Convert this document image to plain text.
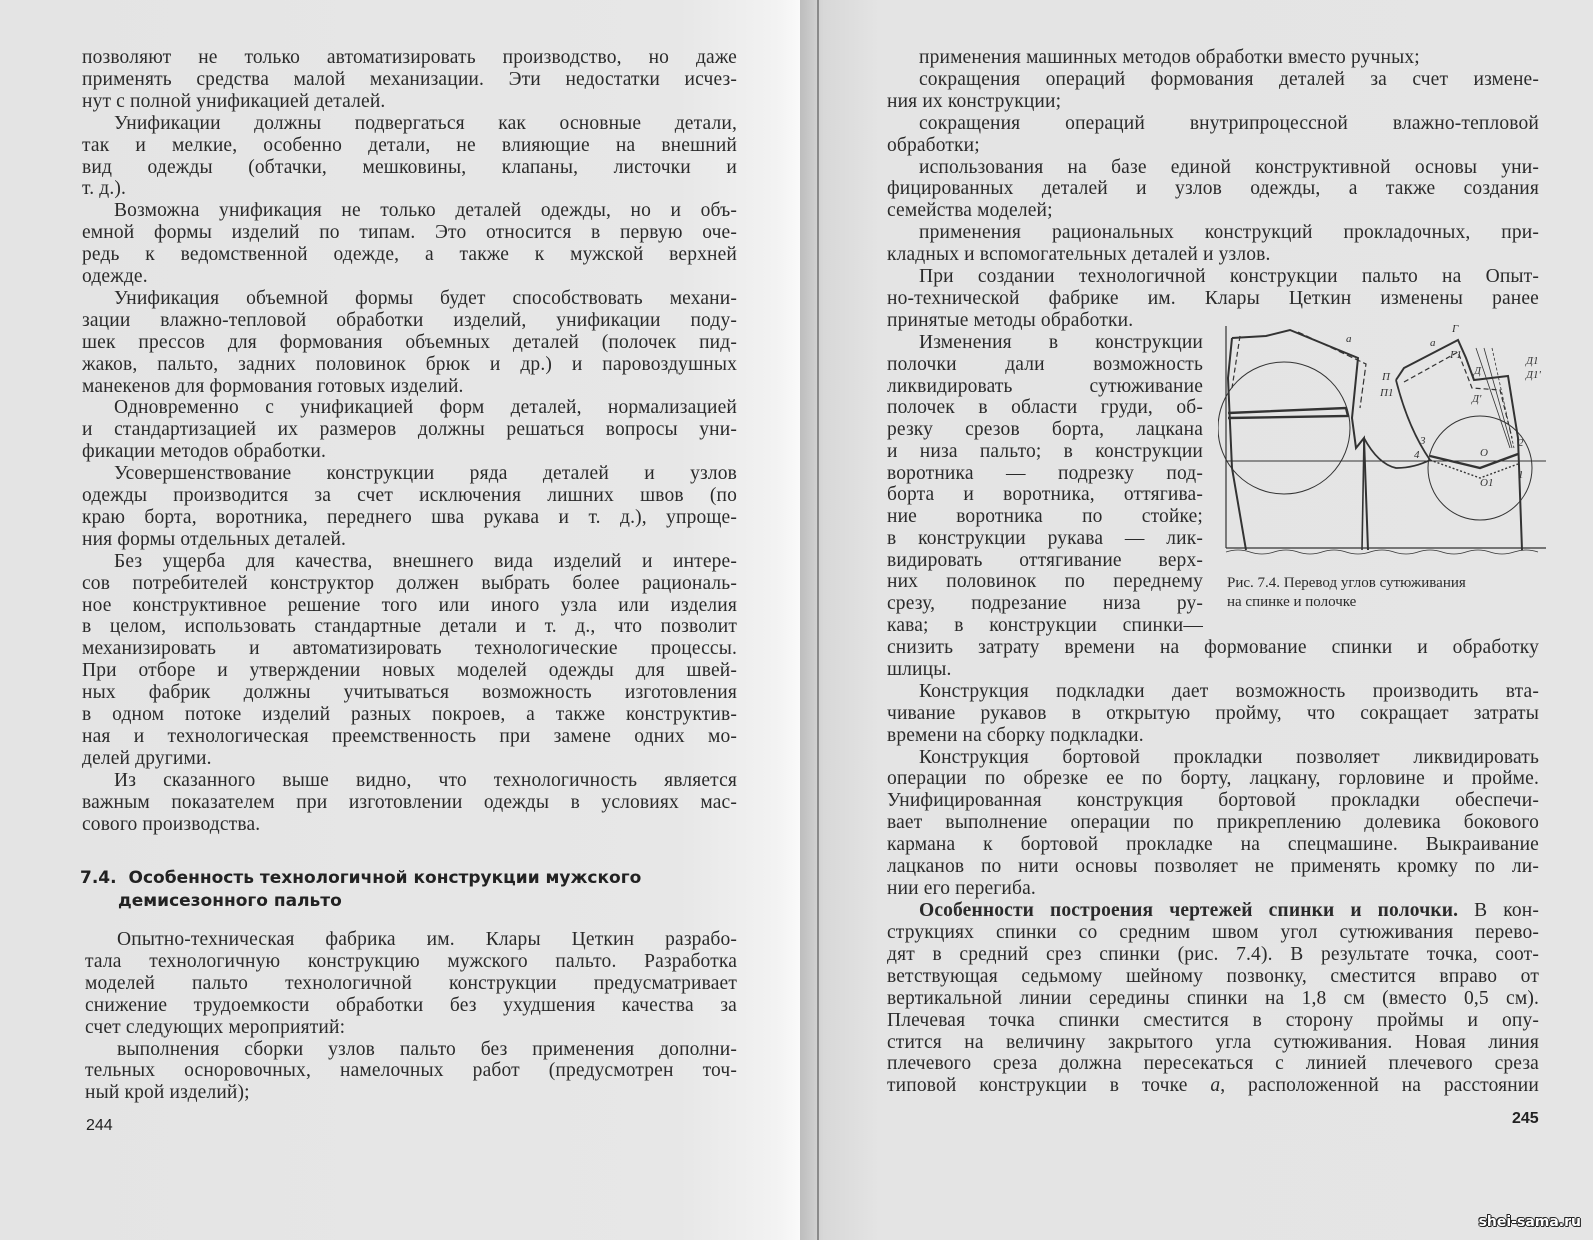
позволяют не только автоматизировать производство, но даже
применять средства малой механизации. Эти недостатки исчез-
нут с полной унификацией деталей.
Унификации должны подвергаться как основные детали,
так и мелкие, особенно детали, не влияющие на внешний
вид одежды (обтачки, мешковины, клапаны, листочки и
т. д.).
Возможна унификация не только деталей одежды, но и объ-
емной формы изделий по типам. Это относится в первую оче-
редь к ведомственной одежде, а также к мужской верхней
одежде.
Унификация объемной формы будет способствовать механи-
зации влажно-тепловой обработки изделий, унификации поду-
шек прессов для формования объемных деталей (полочек пид-
жаков, пальто, задних половинок брюк и др.) и паровоздушных
манекенов для формования готовых изделий.
Одновременно с унификацией форм деталей, нормализацией
и стандартизацией их размеров должны решаться вопросы уни-
фикации методов обработки.
Усовершенствование конструкции ряда деталей и узлов
одежды производится за счет исключения лишних швов (по
краю борта, воротника, переднего шва рукава и т. д.), упроще-
ния формы отдельных деталей.
Без ущерба для качества, внешнего вида изделий и интере-
сов потребителей конструктор должен выбрать более рациональ-
ное конструктивное решение того или иного узла или изделия
в целом, использовать стандартные детали и т. д., что позволит
механизировать и автоматизировать технологические процессы.
При отборе и утверждении новых моделей одежды для швей-
ных фабрик должны учитываться возможность изготовления
в одном потоке изделий разных покроев, а также конструктив-
ная и технологическая преемственность при замене одних мо-
делей другими.
Из сказанного выше видно, что технологичность является
важным показателем при изготовлении одежды в условиях мас-
сового производства.
Опытно-техническая фабрика им. Клары Цеткин разрабо-
тала технологичную конструкцию мужского пальто. Разработка
моделей пальто технологичной конструкции предусматривает
снижение трудоемкости обработки без ухудшения качества за
счет следующих мероприятий:
выполнения сборки узлов пальто без применения дополни-
тельных осноровочных, намелочных работ (предусмотрен точ-
ный крой изделий);
применения машинных методов обработки вместо ручных;
сокращения операций формования деталей за счет измене-
ния их конструкции;
сокращения операций внутрипроцессной влажно-тепловой
обработки;
использования на базе единой конструктивной основы уни-
фицированных деталей и узлов одежды, а также создания
семейства моделей;
применения рациональных конструкций прокладочных, при-
кладных и вспомогательных деталей и узлов.
При создании технологичной конструкции пальто на Опыт-
но-технической фабрике им. Клары Цеткин изменены ранее
принятые методы обработки.
Изменения в конструкции
полочки дали возможность
ликвидировать сутюживание
полочек в области груди, об-
резку срезов борта, лацкана
и низа пальто; в конструкции
воротника — подрезку под-
борта и воротника, оттягива-
ние воротника по стойке;
в конструкции рукава — лик-
видировать оттягивание верх-
них половинок по переднему
срезу, подрезание низа ру-
кава; в конструкции спинки—
снизить затрату времени на формование спинки и обработку
шлицы.
Конструкция подкладки дает возможность производить вта-
чивание рукавов в открытую пройму, что сокращает затраты
времени на сборку подкладки.
Конструкция бортовой прокладки позволяет ликвидировать
операции по обрезке ее по борту, лацкану, горловине и пройме.
Унифицированная конструкция бортовой прокладки обеспечи-
вает выполнение операции по прикреплению долевика бокового
кармана к бортовой прокладке на спецмашине. Выкраивание
лацканов по нити основы позволяет не применять кромку по ли-
нии его перегиба.
Особенности построения чертежей спинки и полочки. В кон-
струкциях спинки со средним швом угол сутюживания перево-
дят в средний срез спинки (рис. 7.4). В результате точка, соот-
ветствующая седьмому шейному позвонку, сместится вправо от
вертикальной линии середины спинки на 1,8 см (вместо 0,5 см).
Плечевая точка спинки сместится в сторону проймы и опу-
стится на величину закрытого угла сутюживания. Новая линия
плечевого среза должна пересекаться с линией плечевого среза
типовой конструкции в точке а, расположенной на расстоянии
7.4. Особенность технологичной конструкции мужского
демисезонного пальто
244	245
а	а
Г
Г1
П
П1
Д
Д'
Д1
Д1'
3
4	О
О1
2
1
Рис. 7.4. Перевод углов сутюживания
на спинке и полочке
shei-sama.ru
